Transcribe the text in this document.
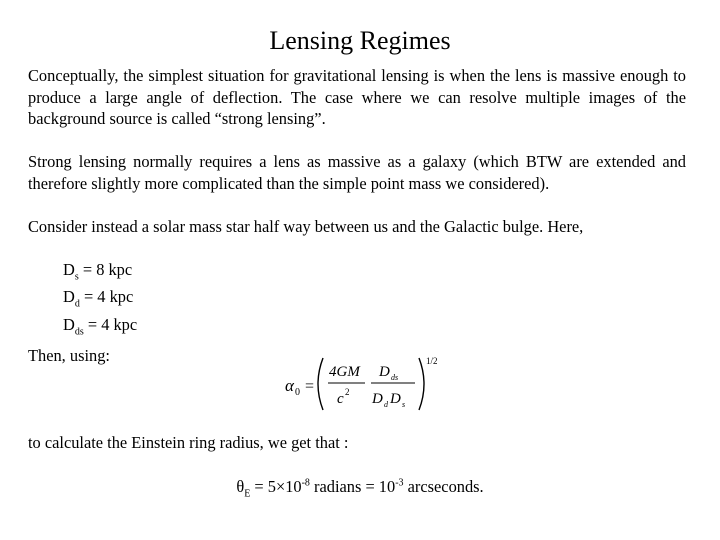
Lensing Regimes
Conceptually, the simplest situation for gravitational lensing is when the lens is massive enough to produce a large angle of deflection. The case where we can resolve multiple images of the background source is called “strong lensing”.
Strong lensing normally requires a lens as massive as a galaxy (which BTW are extended and therefore slightly more complicated than the simple point mass we considered).
Consider instead a solar mass star half way between us and the Galactic bulge. Here,
$D_s = 8$ kpc
$D_d = 4$ kpc
$D_{ds} = 4$ kpc
Then, using:
α 0 =
4GM
c 2
D ds
D d D s
1/2
to calculate the Einstein ring radius, we get that :
$\theta_E = 5\times 10^{-8}$ radians = $10^{-3}$ arcseconds.
